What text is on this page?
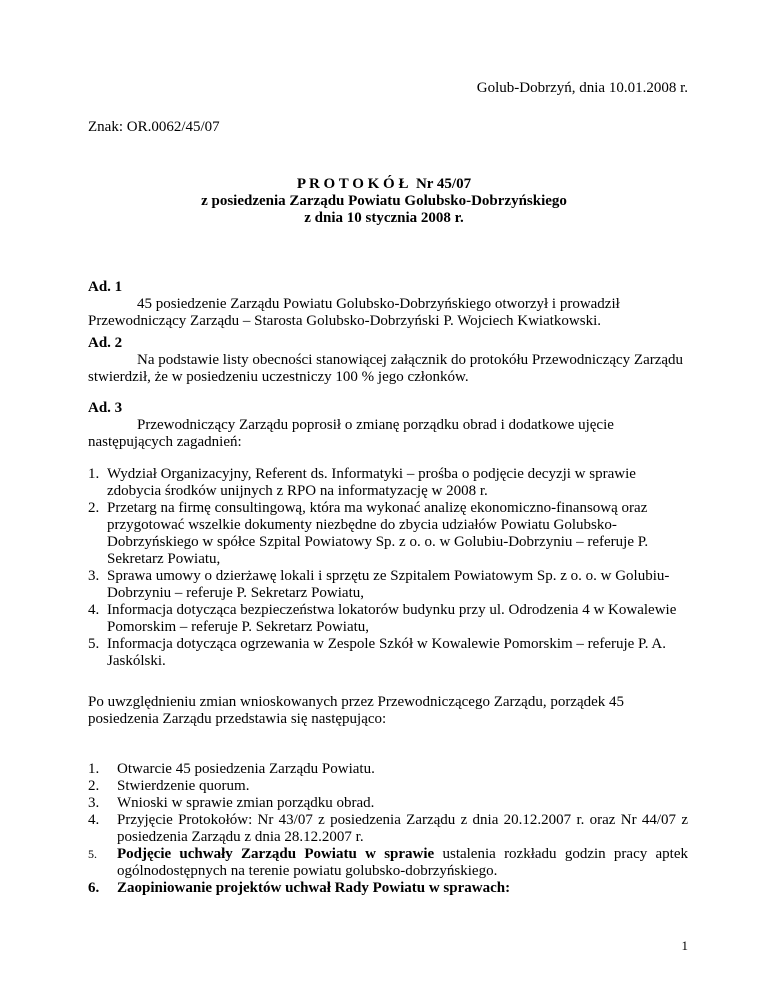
Golub-Dobrzyń, dnia 10.01.2008 r.
Znak: OR.0062/45/07
P R O T O K Ó Ł  Nr 45/07
z posiedzenia Zarządu Powiatu Golubsko-Dobrzyńskiego
z dnia 10 stycznia 2008 r.
Ad. 1
45 posiedzenie Zarządu Powiatu Golubsko-Dobrzyńskiego otworzył i prowadził Przewodniczący Zarządu – Starosta Golubsko-Dobrzyński P. Wojciech Kwiatkowski.
Ad. 2
Na podstawie listy obecności stanowiącej załącznik do protokółu Przewodniczący Zarządu stwierdził, że w posiedzeniu uczestniczy 100 % jego członków.
Ad. 3
Przewodniczący Zarządu poprosił o zmianę porządku obrad i dodatkowe ujęcie następujących zagadnień:
1. Wydział Organizacyjny, Referent ds. Informatyki – prośba o podjęcie decyzji w sprawie zdobycia środków unijnych z RPO na informatyzację w 2008 r.
2. Przetarg na firmę consultingową, która ma wykonać analizę ekonomiczno-finansową oraz przygotować wszelkie dokumenty niezbędne do zbycia udziałów Powiatu Golubsko-Dobrzyńskiego w spółce Szpital Powiatowy Sp. z o. o. w Golubiu-Dobrzyniu – referuje P. Sekretarz Powiatu,
3. Sprawa umowy o dzierżawę lokali i sprzętu ze Szpitalem Powiatowym Sp. z o. o. w Golubiu-Dobrzyniu – referuje P. Sekretarz Powiatu,
4. Informacja dotycząca bezpieczeństwa lokatorów budynku przy ul. Odrodzenia 4 w Kowalewie Pomorskim – referuje P. Sekretarz Powiatu,
5. Informacja dotycząca ogrzewania w Zespole Szkół w Kowalewie Pomorskim – referuje P. A. Jaskólski.
Po uwzględnieniu zmian wnioskowanych przez Przewodniczącego Zarządu, porządek 45 posiedzenia Zarządu przedstawia się następująco:
1. Otwarcie 45 posiedzenia Zarządu Powiatu.
2. Stwierdzenie quorum.
3. Wnioski w sprawie zmian porządku obrad.
4. Przyjęcie Protokołów: Nr 43/07 z posiedzenia Zarządu z dnia 20.12.2007 r. oraz Nr 44/07 z posiedzenia Zarządu z dnia 28.12.2007 r.
5. Podjęcie uchwały Zarządu Powiatu w sprawie ustalenia rozkładu godzin pracy aptek ogólnodostępnych na terenie powiatu golubsko-dobrzyńskiego.
6. Zaopiniowanie projektów uchwał Rady Powiatu w sprawach:
1
